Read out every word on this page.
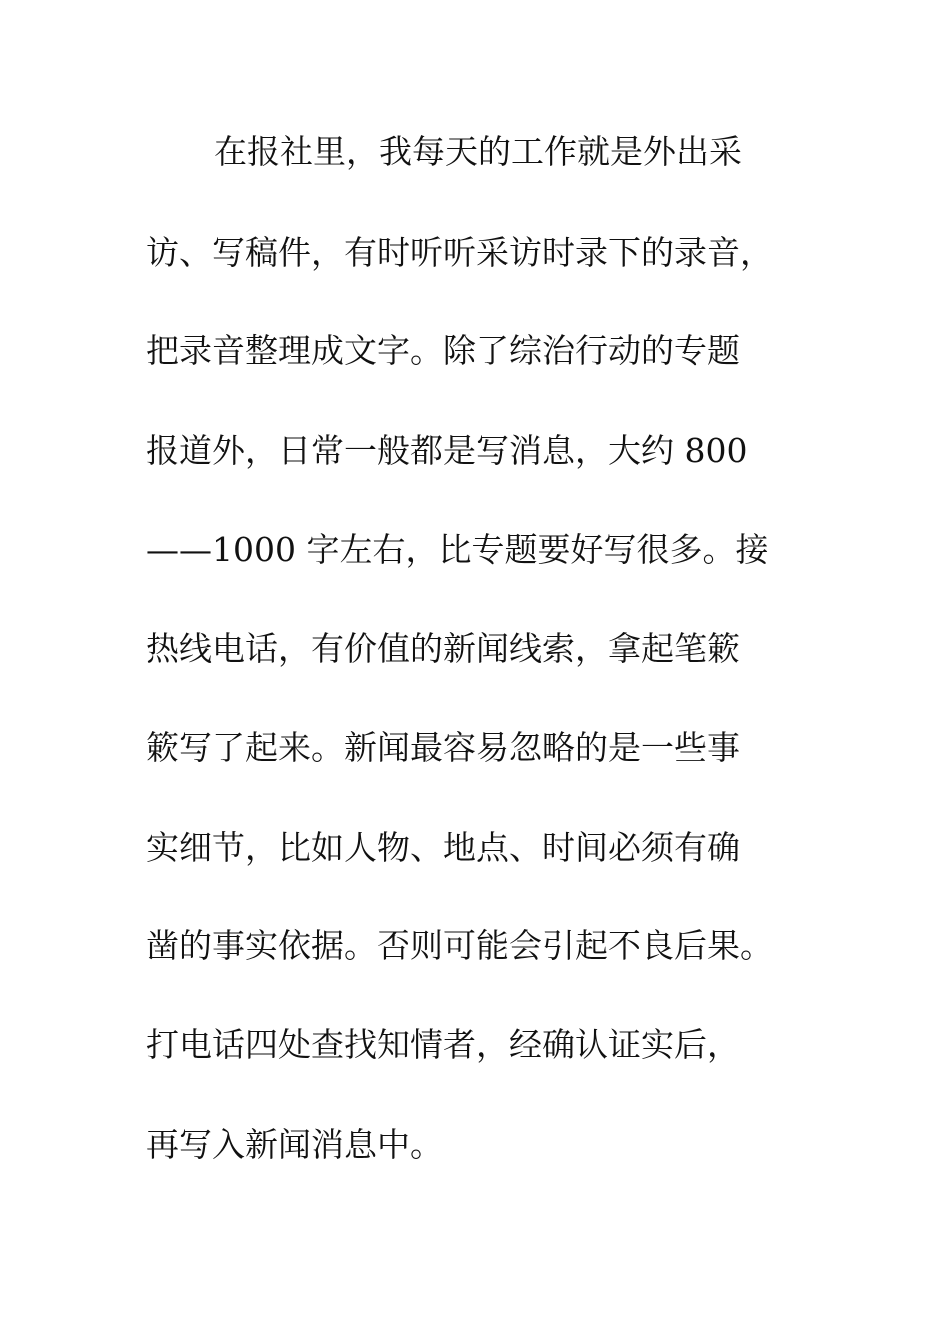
在报社里，我每天的工作就是外出采
访、写稿件，有时听听采访时录下的录音，
把录音整理成文字。除了综治行动的专题
报道外，日常一般都是写消息，大约 800
——1000 字左右，比专题要好写很多。接
热线电话，有价值的新闻线索，拿起笔簌
簌写了起来。新闻最容易忽略的是一些事
实细节，比如人物、地点、时间必须有确
凿的事实依据。否则可能会引起不良后果。
打电话四处查找知情者，经确认证实后，
再写入新闻消息中。
